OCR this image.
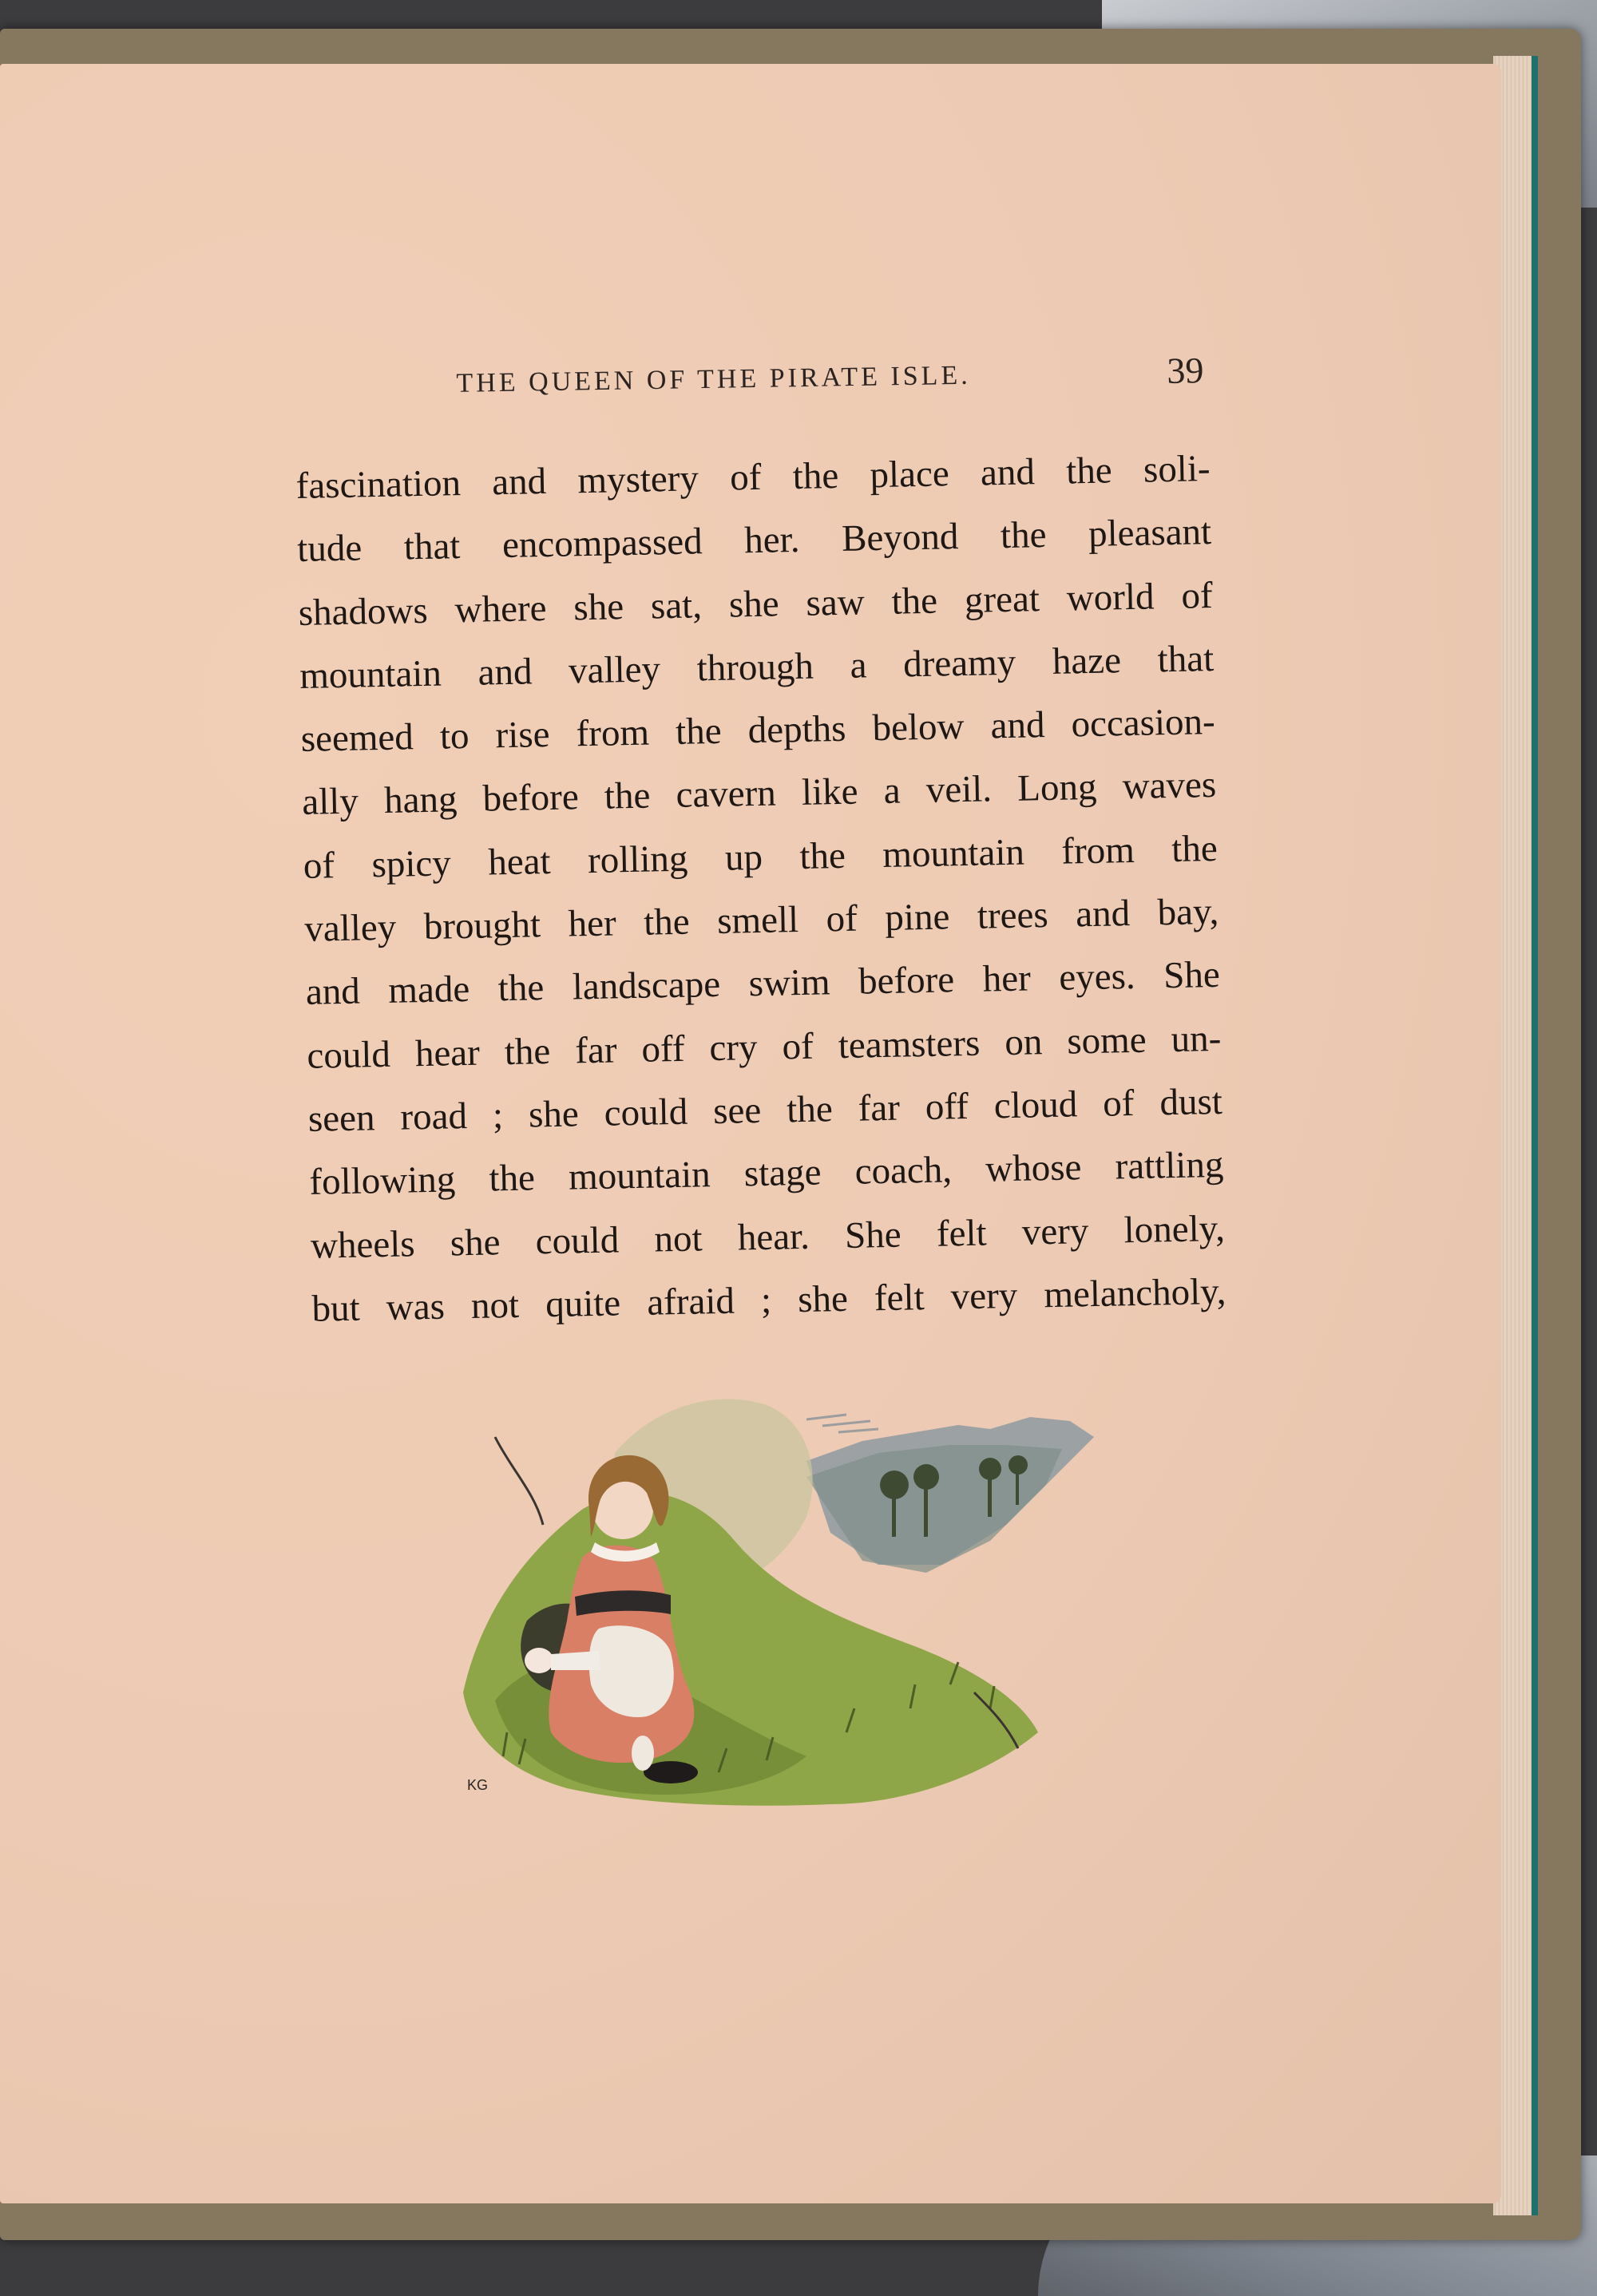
THE QUEEN OF THE PIRATE ISLE.	39
fascination and mystery of the place and the soli-
tude that encompassed her. Beyond the pleasant
shadows where she sat, she saw the great world of
mountain and valley through a dreamy haze that
seemed to rise from the depths below and occasion-
ally hang before the cavern like a veil. Long waves
of spicy heat rolling up the mountain from the
valley brought her the smell of pine trees and bay,
and made the landscape swim before her eyes. She
could hear the far off cry of teamsters on some un-
seen road ; she could see the far off cloud of dust
following the mountain stage coach, whose rattling
wheels she could not hear. She felt very lonely,
but was not quite afraid ; she felt very melancholy,
KG
